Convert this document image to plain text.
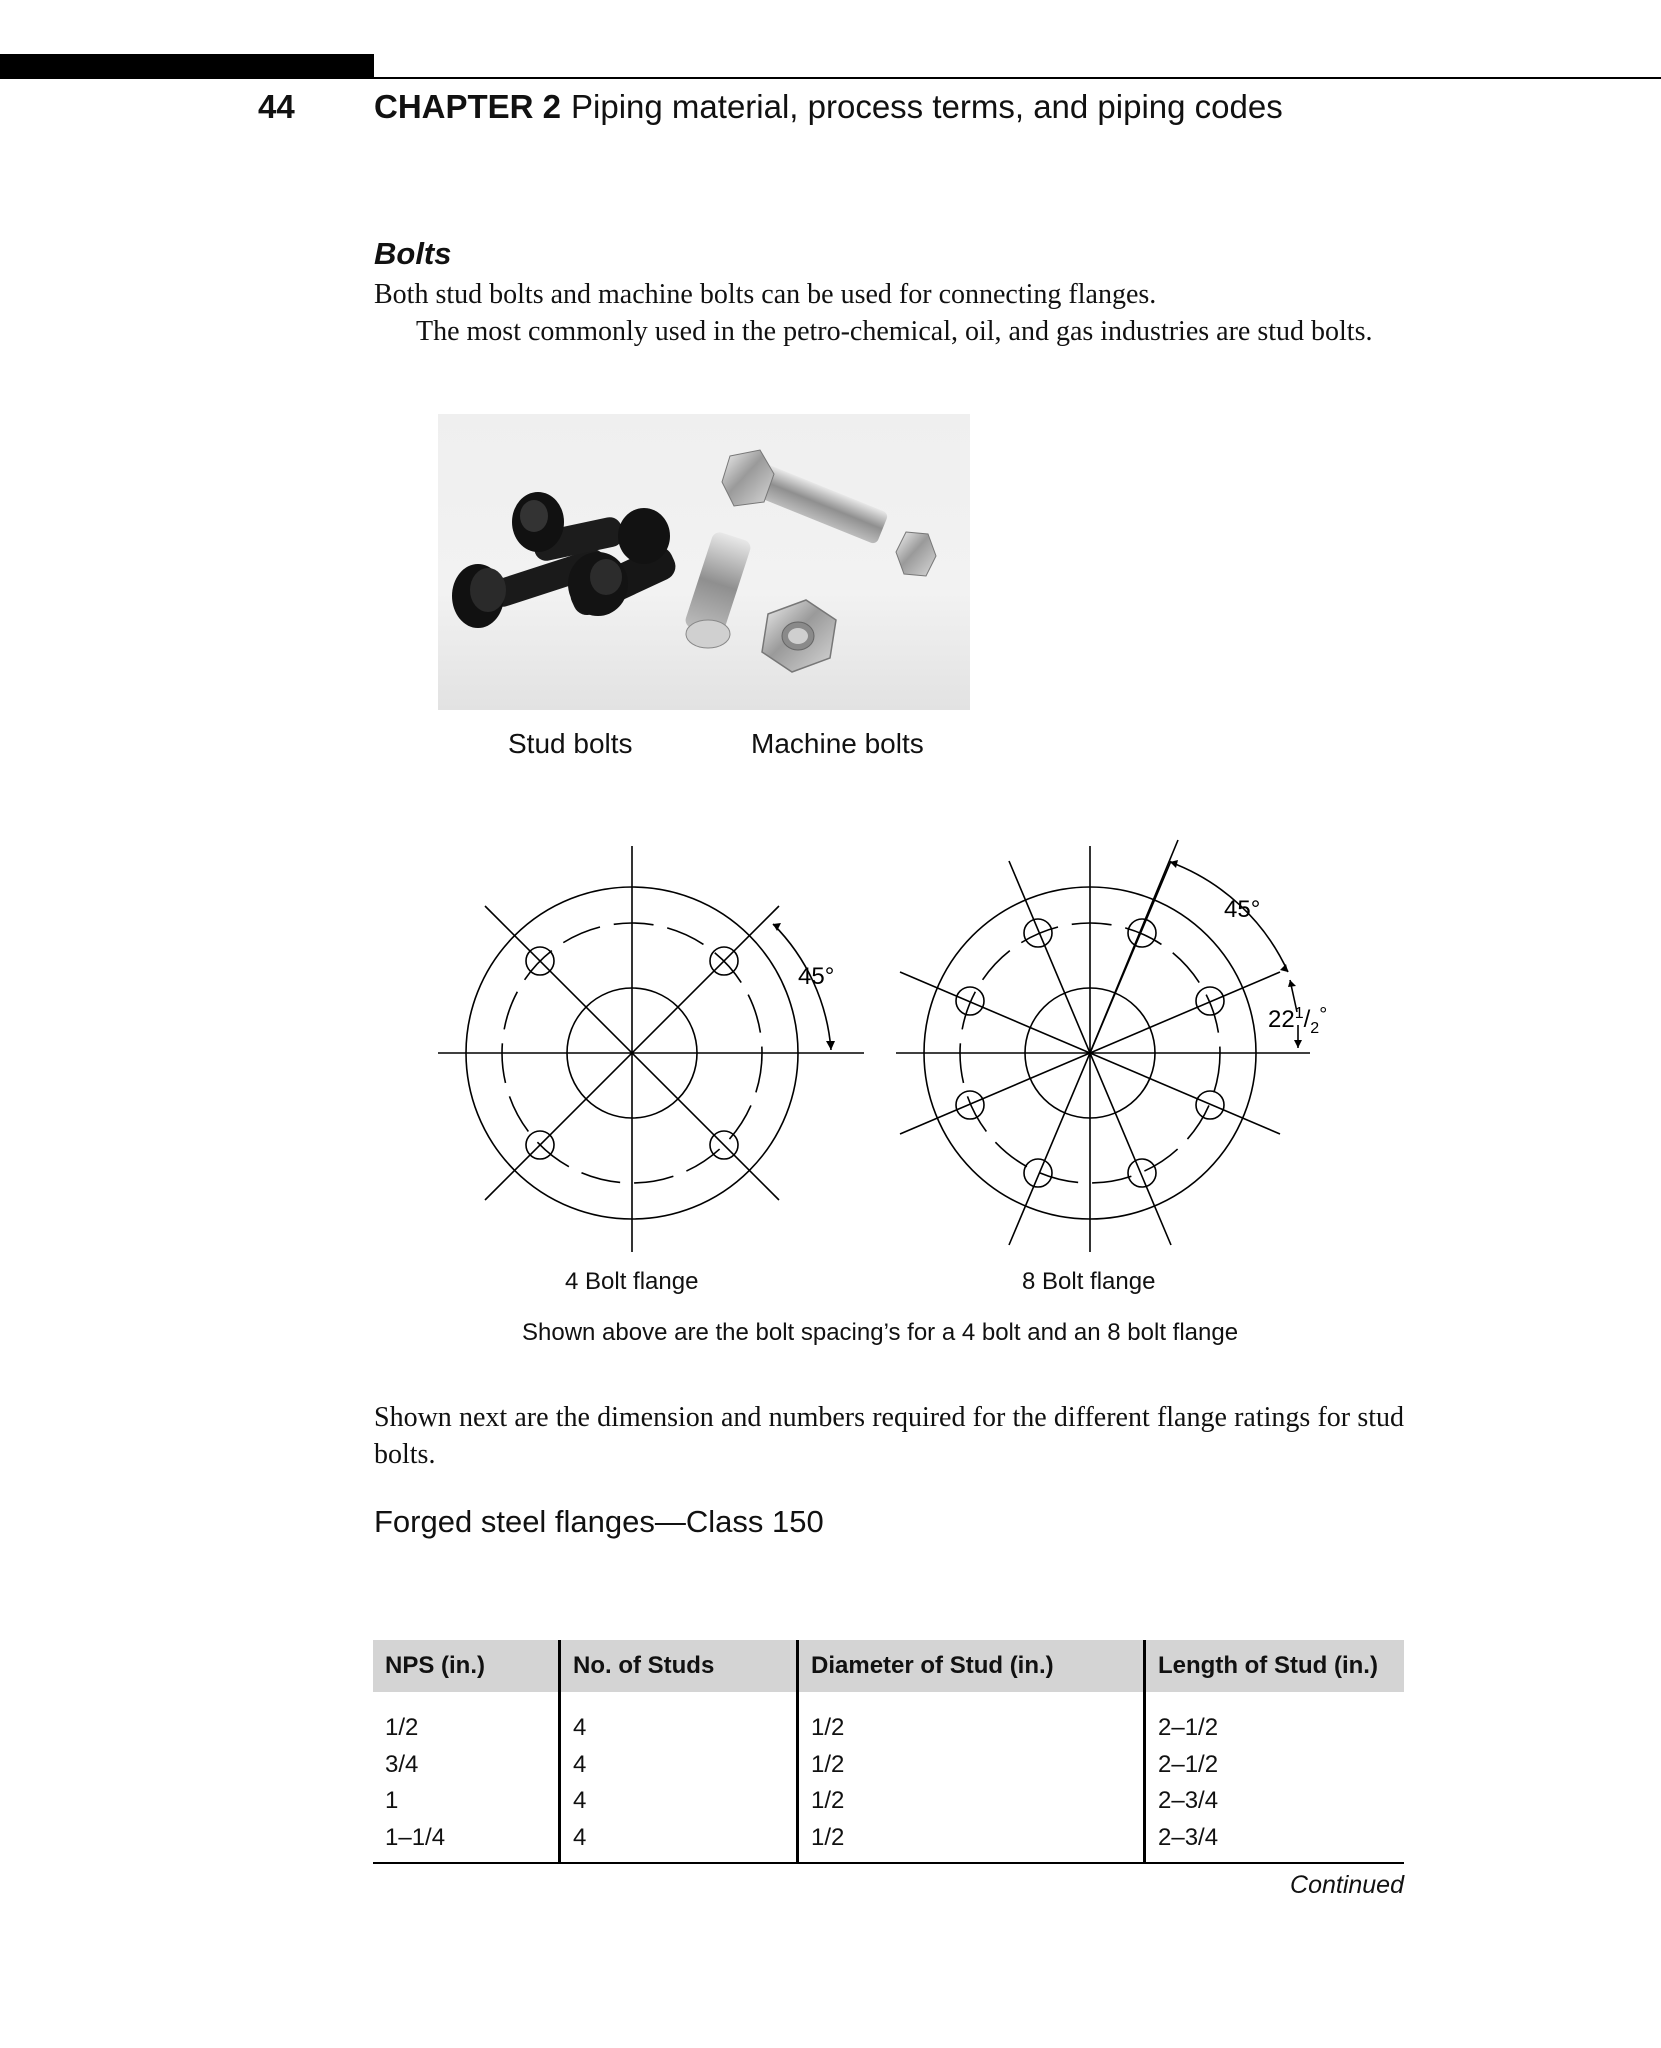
44 CHAPTER 2 Piping material, process terms, and piping codes
Bolts

Both stud bolts and machine bolts can be used for connecting flanges.

The most commonly used in the petro-chemical, oil, and gas industries are stud bolts.

Stud bolts	Machine bolts
45°
45°
$22^1/_2^\circ$
4 Bolt flange	8 Bolt flange
Shown above are the bolt spacing’s for a 4 bolt and an 8 bolt flange
Shown next are the dimension and numbers required for the different flange ratings for stud bolts.
Forged steel flanges—Class 150
NPS (in.)	No. of Studs	Diameter of Stud (in.)	Length of Stud (in.)
1/2	4	1/2	2–1/2
3/4	4	1/2	2–1/2
1	4	1/2	2–3/4
1–1/4	4	1/2	2–3/4
Continued
